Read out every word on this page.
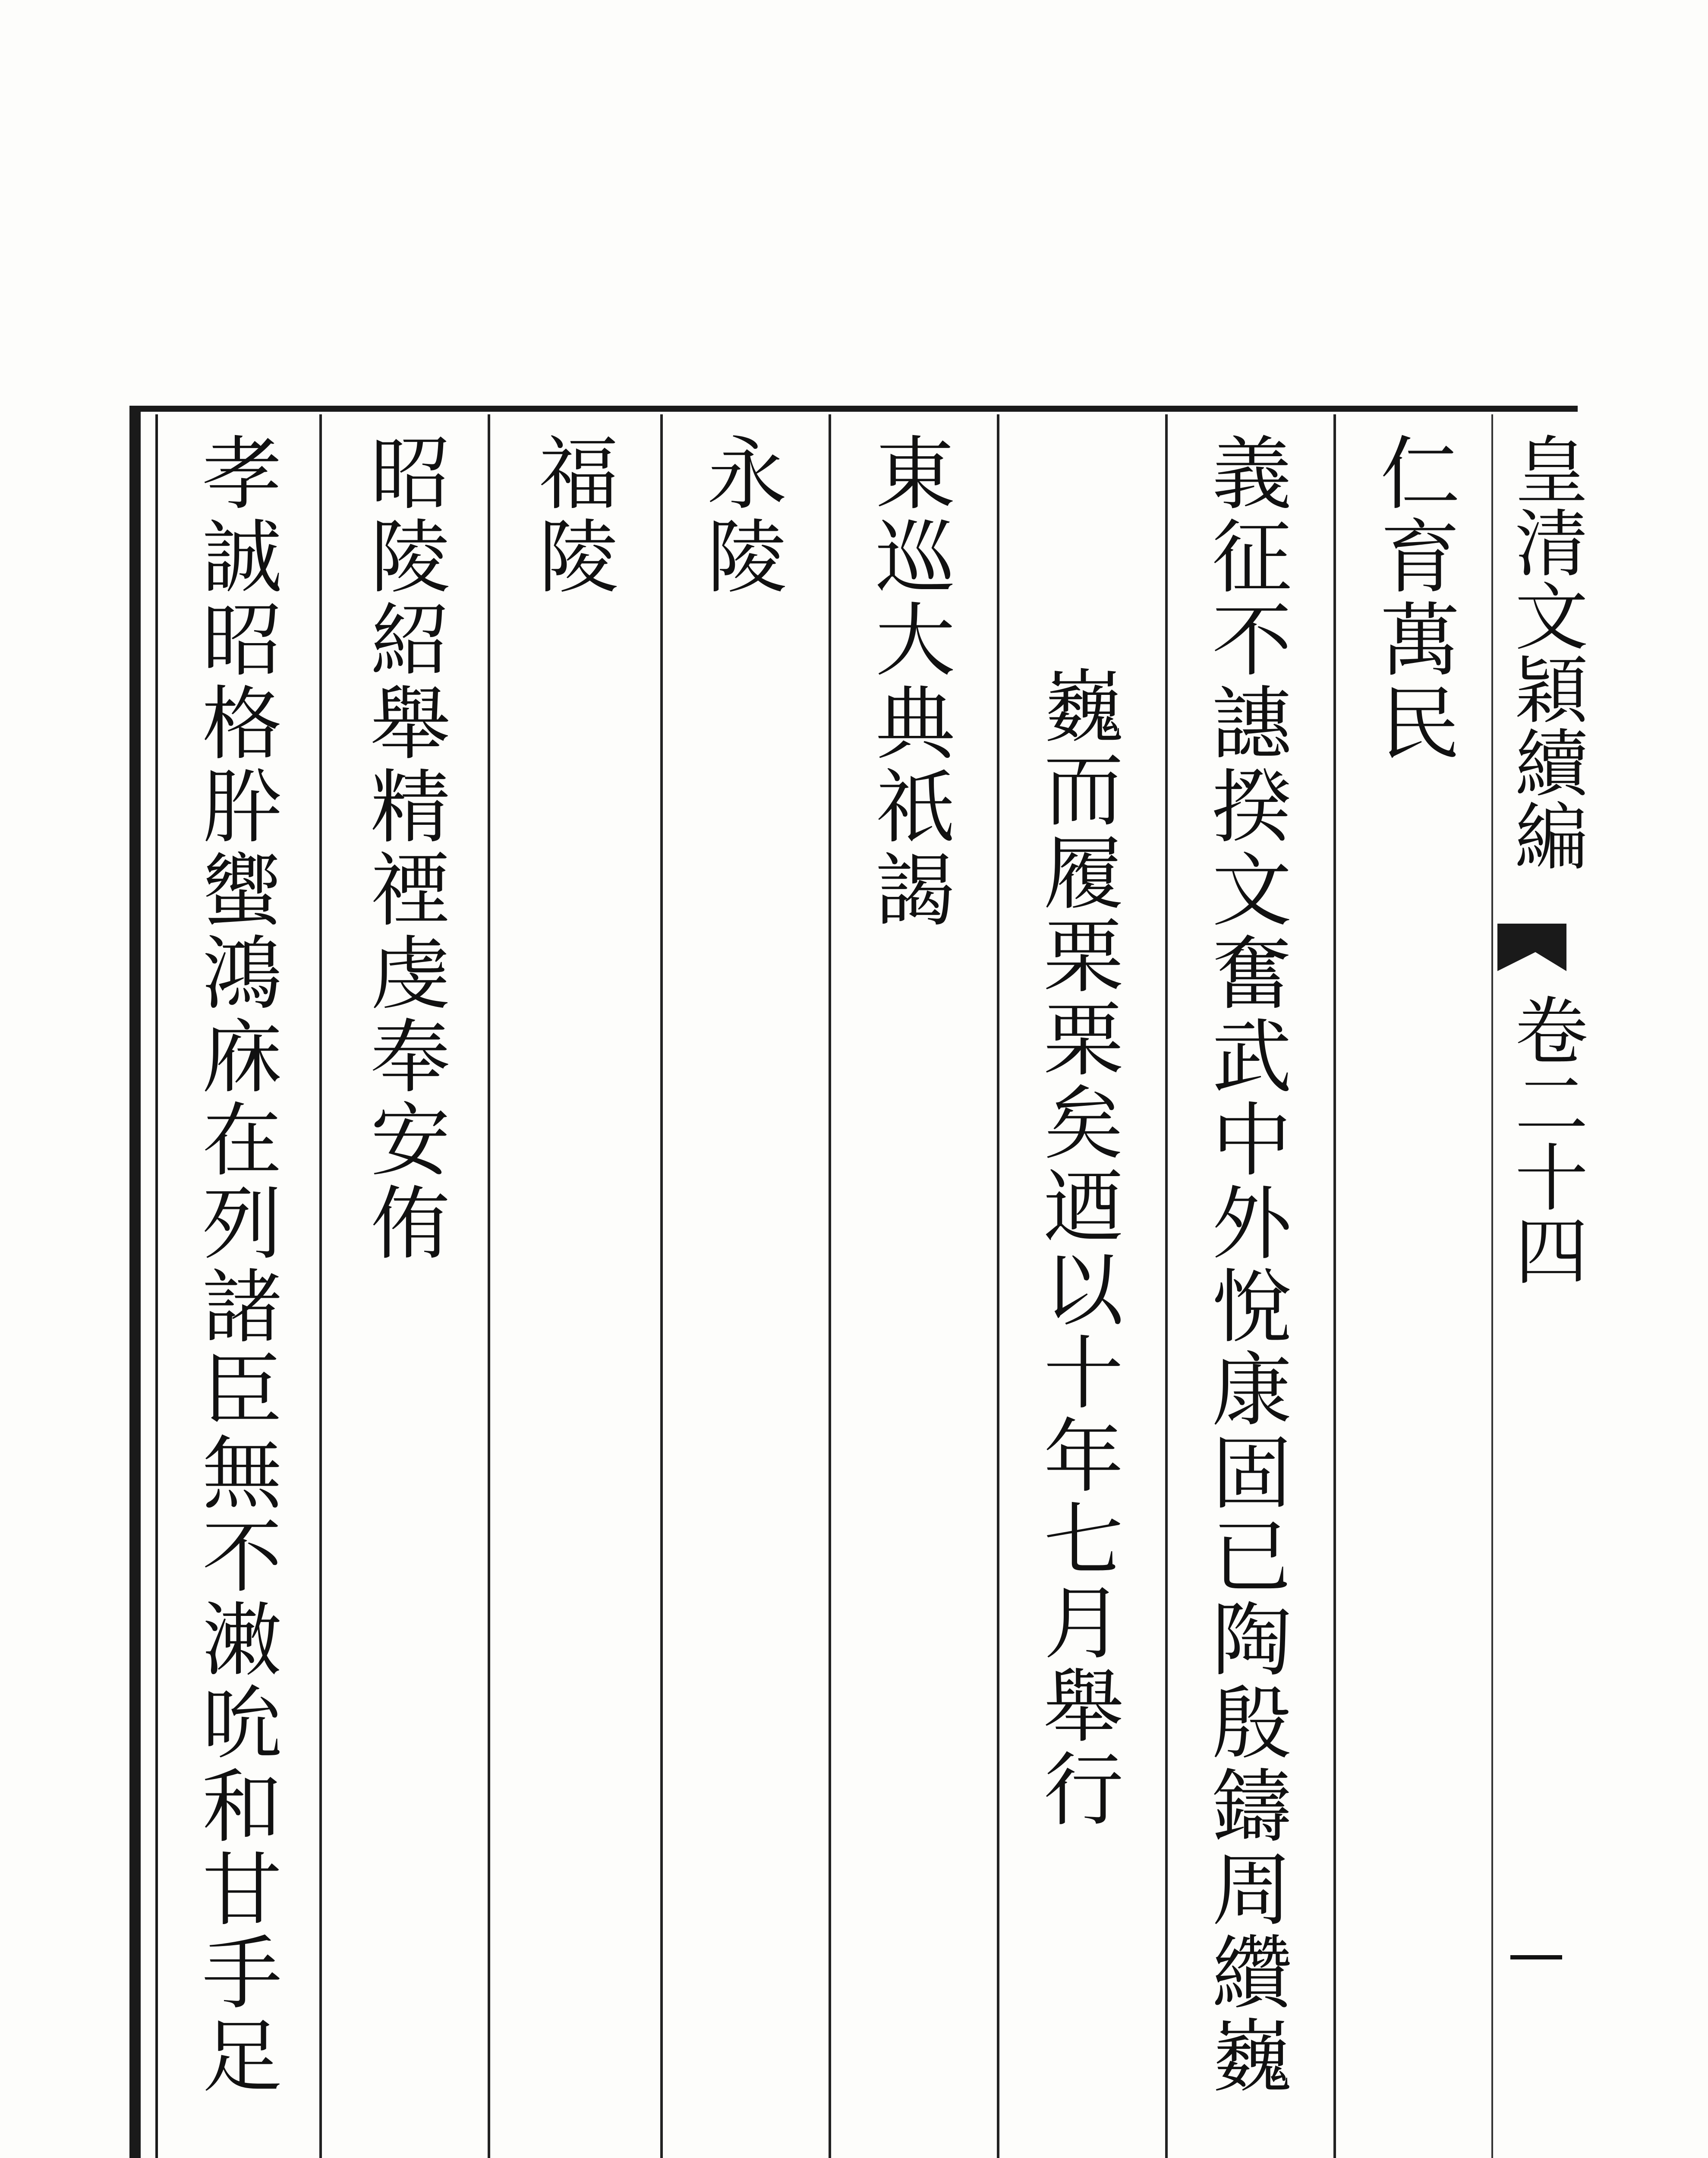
仁育萬民
義征不譓揆文奮武中外悅康固已陶殷鑄周纘巍
巍而履栗栗矣迺以十年七月舉行
東巡大典祇謁
永陵
福陵
昭陵紹舉精禋虔奉安侑
孝誠昭格肸蠁鴻庥在列諸臣無不潄吮和甘手足	皇清文穎續編
卷二十四
